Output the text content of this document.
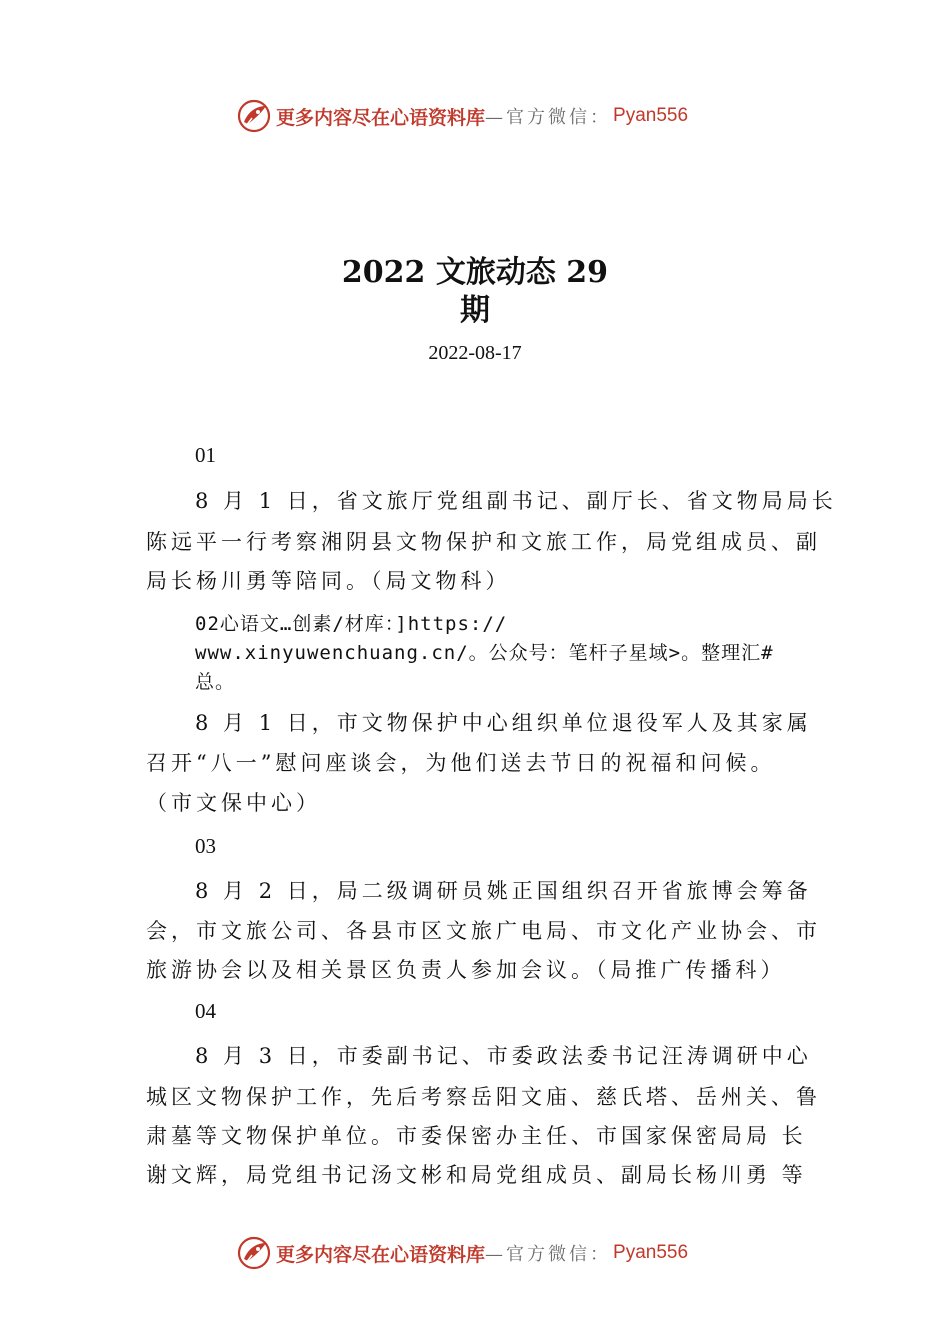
更多内容尽在心语资料库 —官方微信： Pyan556
2022 文旅动态 29
期
2022-08-17
01
8 月 1 日，省文旅厅党组副书记、副厅长、省文物局局长
陈远平一行考察湘阴县文物保护和文旅工作，局党组成员、副
局长杨川勇等陪同。（局文物科）
02心语文…创素/材库：]https://
www.xinyuwenchuang.cn/。公众号：笔杆子星域>。整理汇#
总。
8 月 1 日，市文物保护中心组织单位退役军人及其家属
召开“八一”慰问座谈会，为他们送去节日的祝福和问候。
（市文保中心）
03
8 月 2 日，局二级调研员姚正国组织召开省旅博会筹备
会，市文旅公司、各县市区文旅广电局、市文化产业协会、市
旅游协会以及相关景区负责人参加会议。（局推广传播科）
04
8 月 3 日，市委副书记、市委政法委书记汪涛调研中心
城区文物保护工作，先后考察岳阳文庙、慈氏塔、岳州关、鲁
肃墓等文物保护单位。市委保密办主任、市国家保密局局 长
谢文辉，局党组书记汤文彬和局党组成员、副局长杨川勇 等
更多内容尽在心语资料库 —官方微信： Pyan556
